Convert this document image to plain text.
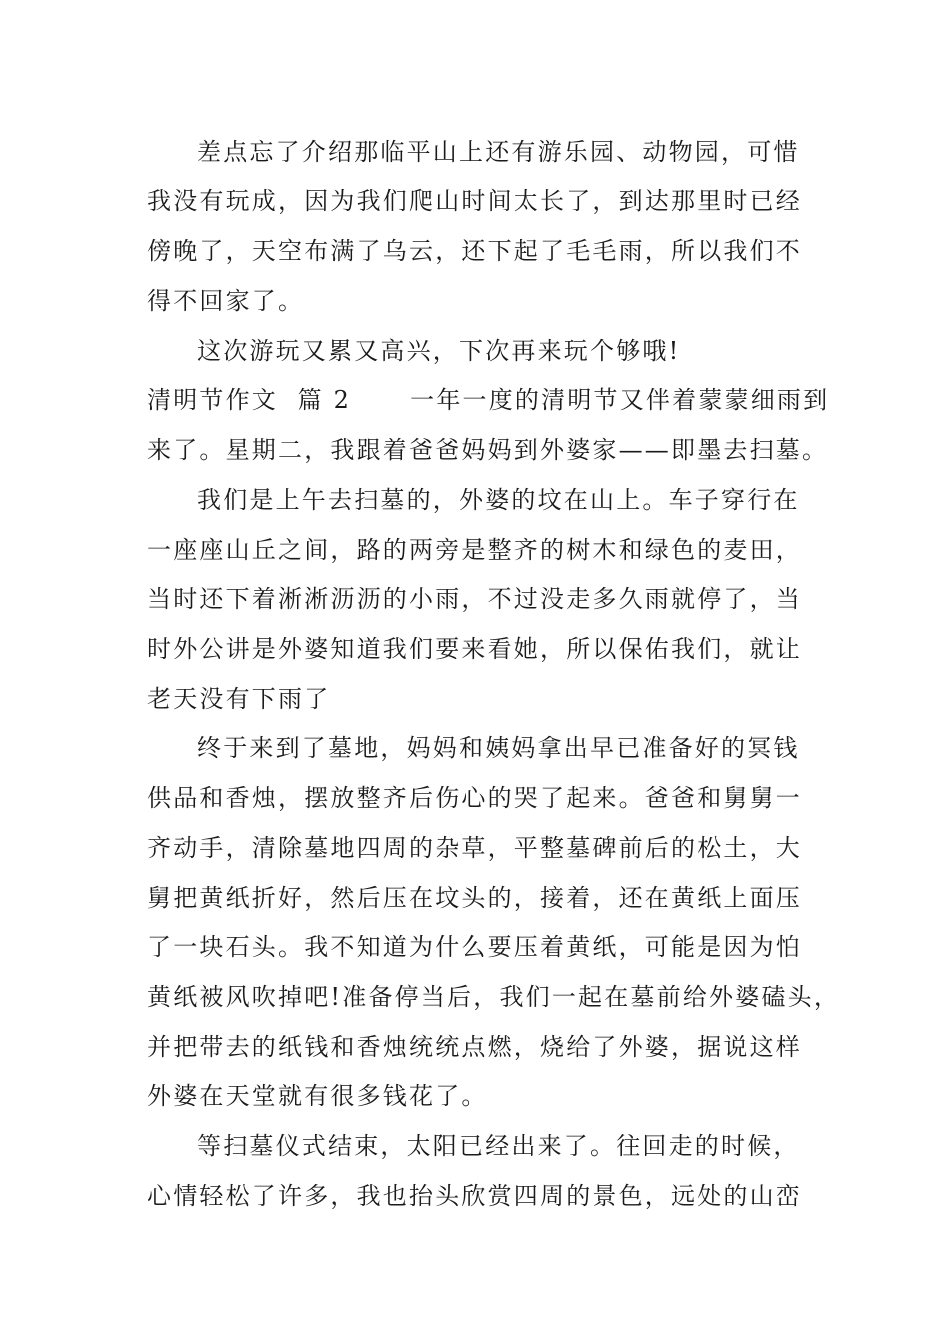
差点忘了介绍那临平山上还有游乐园、动物园，可惜
我没有玩成，因为我们爬山时间太长了，到达那里时已经
傍晚了，天空布满了乌云，还下起了毛毛雨，所以我们不
得不回家了。
这次游玩又累又高兴，下次再来玩个够哦!
清明节作文  篇 2      一年一度的清明节又伴着蒙蒙细雨到
来了。星期二，我跟着爸爸妈妈到外婆家——即墨去扫墓。
我们是上午去扫墓的，外婆的坟在山上。车子穿行在
一座座山丘之间，路的两旁是整齐的树木和绿色的麦田，
当时还下着淅淅沥沥的小雨，不过没走多久雨就停了，当
时外公讲是外婆知道我们要来看她，所以保佑我们，就让
老天没有下雨了
终于来到了墓地，妈妈和姨妈拿出早已准备好的冥钱
供品和香烛，摆放整齐后伤心的哭了起来。爸爸和舅舅一
齐动手，清除墓地四周的杂草，平整墓碑前后的松土，大
舅把黄纸折好，然后压在坟头的，接着，还在黄纸上面压
了一块石头。我不知道为什么要压着黄纸，可能是因为怕
黄纸被风吹掉吧!准备停当后，我们一起在墓前给外婆磕头，
并把带去的纸钱和香烛统统点燃，烧给了外婆，据说这样
外婆在天堂就有很多钱花了。
等扫墓仪式结束，太阳已经出来了。往回走的时候，
心情轻松了许多，我也抬头欣赏四周的景色，远处的山峦
